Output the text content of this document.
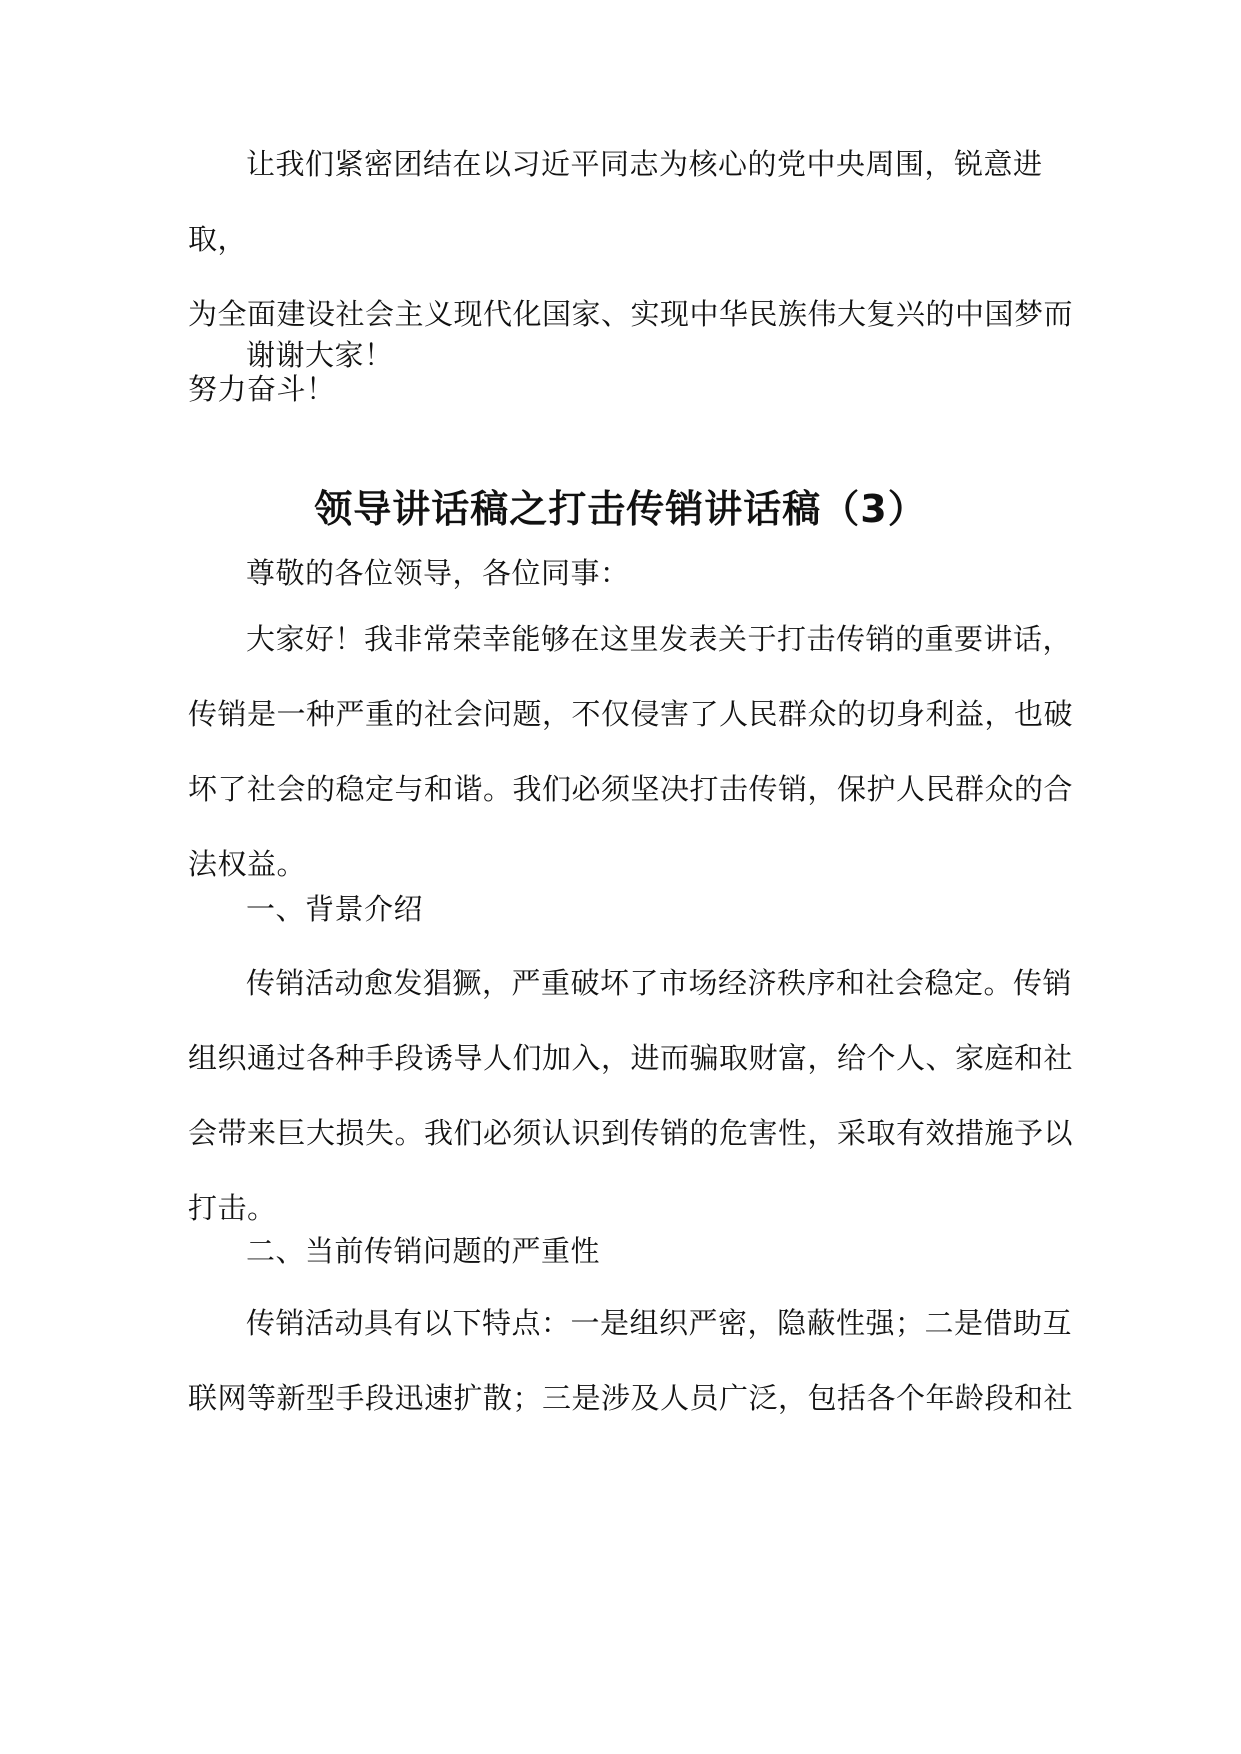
让我们紧密团结在以习近平同志为核心的党中央周围，锐意进取，
为全面建设社会主义现代化国家、实现中华民族伟大复兴的中国梦而
努力奋斗！

谢谢大家！

领导讲话稿之打击传销讲话稿（3）

尊敬的各位领导，各位同事：

大家好！我非常荣幸能够在这里发表关于打击传销的重要讲话，
传销是一种严重的社会问题，不仅侵害了人民群众的切身利益，也破
坏了社会的稳定与和谐。我们必须坚决打击传销，保护人民群众的合
法权益。

一、背景介绍

传销活动愈发猖獗，严重破坏了市场经济秩序和社会稳定。传销
组织通过各种手段诱导人们加入，进而骗取财富，给个人、家庭和社
会带来巨大损失。我们必须认识到传销的危害性，采取有效措施予以
打击。

二、当前传销问题的严重性

传销活动具有以下特点：一是组织严密，隐蔽性强；二是借助互
联网等新型手段迅速扩散；三是涉及人员广泛，包括各个年龄段和社
